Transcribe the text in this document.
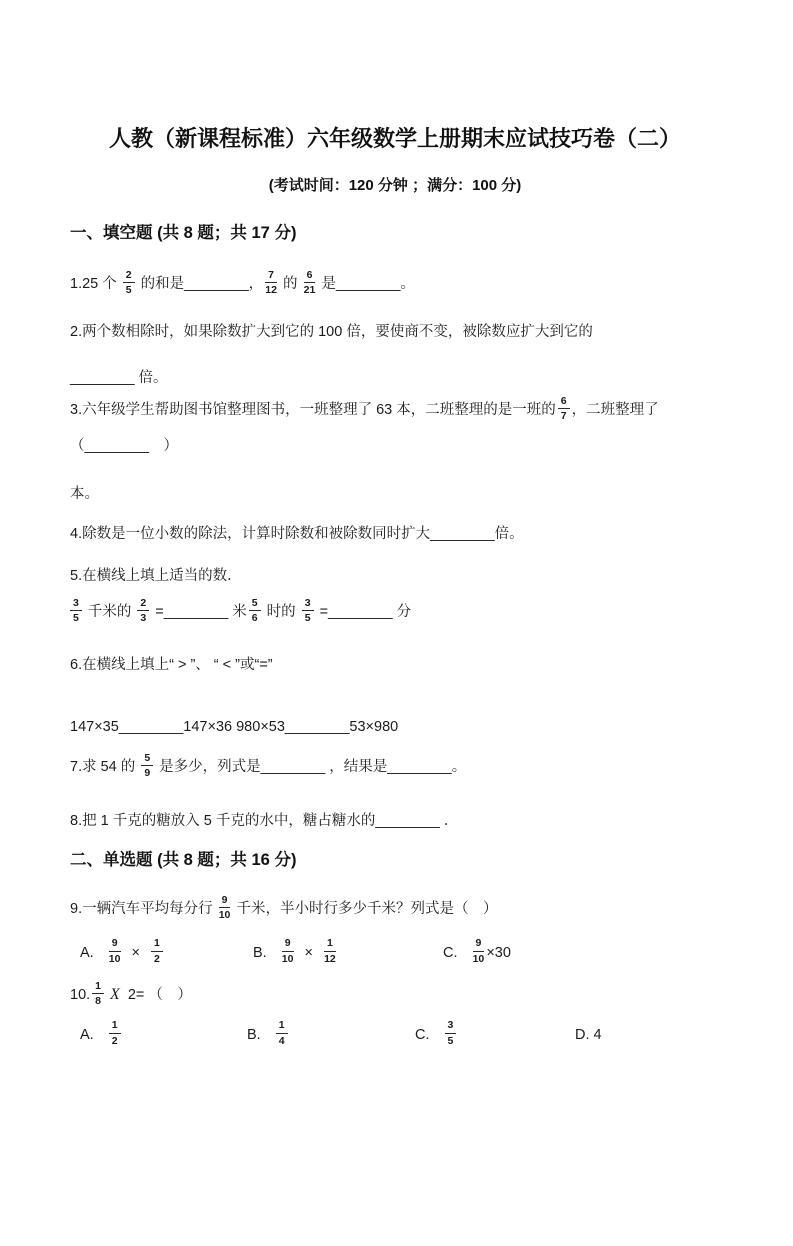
人教（新课程标准）六年级数学上册期末应试技巧卷（二）

(考试时间：120 分钟 ；满分：100 分)

一、填空题 (共 8 题；共 17 分)

1.25 个 $\frac{2}{5}$ 的和是________， $\frac{7}{12}$ 的 $\frac{6}{21}$ 是________。

2.两个数相除时，如果除数扩大到它的 100 倍，要使商不变，被除数应扩大到它的

________ 倍。

3.六年级学生帮助图书馆整理图书，一班整理了 63 本，二班整理的是一班的 $\frac{6}{7}$ ，二班整理了 （________　）

本。

4.除数是一位小数的除法，计算时除数和被除数同时扩大________倍。

5.在横线上填上适当的数．

$\frac{3}{5}$ 千米的 $\frac{2}{3}$ =________ 米 $\frac{5}{6}$ 时的 $\frac{3}{5}$ =________ 分

6.在横线上填上“ > ”、 “ < ”或“=”

147×35________147×36 980×53________53×980

7.求 54 的 $\frac{5}{9}$ 是多少，列式是________ ，结果是________。

8.把 1 千克的糖放入 5 千克的水中，糖占糖水的________ ．

二、单选题 (共 8 题；共 16 分)

9.一辆汽车平均每分行 $\frac{9}{10}$ 千米，半小时行多少千米？列式是（　）

A. $\frac{9}{10} \times \frac{1}{2}$	B. $\frac{9}{10} \times \frac{1}{12}$	C. $\frac{9}{10} \times 30$

10. $\frac{1}{8}$ X 2= （　）

A. $\frac{1}{2}$	B. $\frac{1}{4}$	C. $\frac{3}{5}$	D. 4
